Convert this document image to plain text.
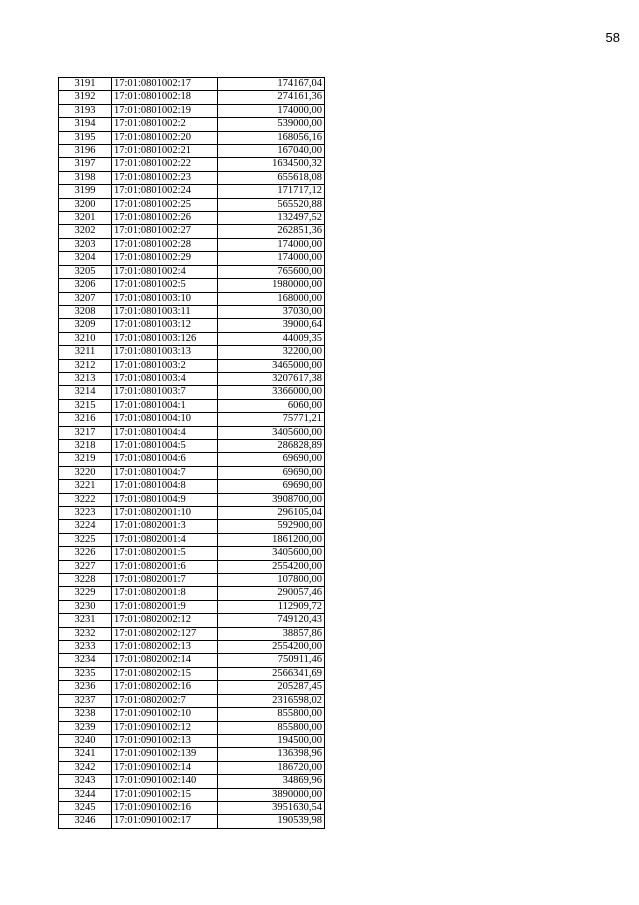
58
3191	17:01:0801002:17	174167,04
3192	17:01:0801002:18	274161,36
3193	17:01:0801002:19	174000,00
3194	17:01:0801002:2	539000,00
3195	17:01:0801002:20	168056,16
3196	17:01:0801002:21	167040,00
3197	17:01:0801002:22	1634500,32
3198	17:01:0801002:23	655618,08
3199	17:01:0801002:24	171717,12
3200	17:01:0801002:25	565520,88
3201	17:01:0801002:26	132497,52
3202	17:01:0801002:27	262851,36
3203	17:01:0801002:28	174000,00
3204	17:01:0801002:29	174000,00
3205	17:01:0801002:4	765600,00
3206	17:01:0801002:5	1980000,00
3207	17:01:0801003:10	168000,00
3208	17:01:0801003:11	37030,00
3209	17:01:0801003:12	39000,64
3210	17:01:0801003:126	44009,35
3211	17:01:0801003:13	32200,00
3212	17:01:0801003:2	3465000,00
3213	17:01:0801003:4	3207617,38
3214	17:01:0801003:7	3366000,00
3215	17:01:0801004:1	6060,00
3216	17:01:0801004:10	75771,21
3217	17:01:0801004:4	3405600,00
3218	17:01:0801004:5	286828,89
3219	17:01:0801004:6	69690,00
3220	17:01:0801004:7	69690,00
3221	17:01:0801004:8	69690,00
3222	17:01:0801004:9	3908700,00
3223	17:01:0802001:10	296105,04
3224	17:01:0802001:3	592900,00
3225	17:01:0802001:4	1861200,00
3226	17:01:0802001:5	3405600,00
3227	17:01:0802001:6	2554200,00
3228	17:01:0802001:7	107800,00
3229	17:01:0802001:8	290057,46
3230	17:01:0802001:9	112909,72
3231	17:01:0802002:12	749120,43
3232	17:01:0802002:127	38857,86
3233	17:01:0802002:13	2554200,00
3234	17:01:0802002:14	750911,46
3235	17:01:0802002:15	2566341,69
3236	17:01:0802002:16	205287,45
3237	17:01:0802002:7	2316598,02
3238	17:01:0901002:10	855800,00
3239	17:01:0901002:12	855800,00
3240	17:01:0901002:13	194500,00
3241	17:01:0901002:139	136398,96
3242	17:01:0901002:14	186720,00
3243	17:01:0901002:140	34869,96
3244	17:01:0901002:15	3890000,00
3245	17:01:0901002:16	3951630,54
3246	17:01:0901002:17	190539,98
